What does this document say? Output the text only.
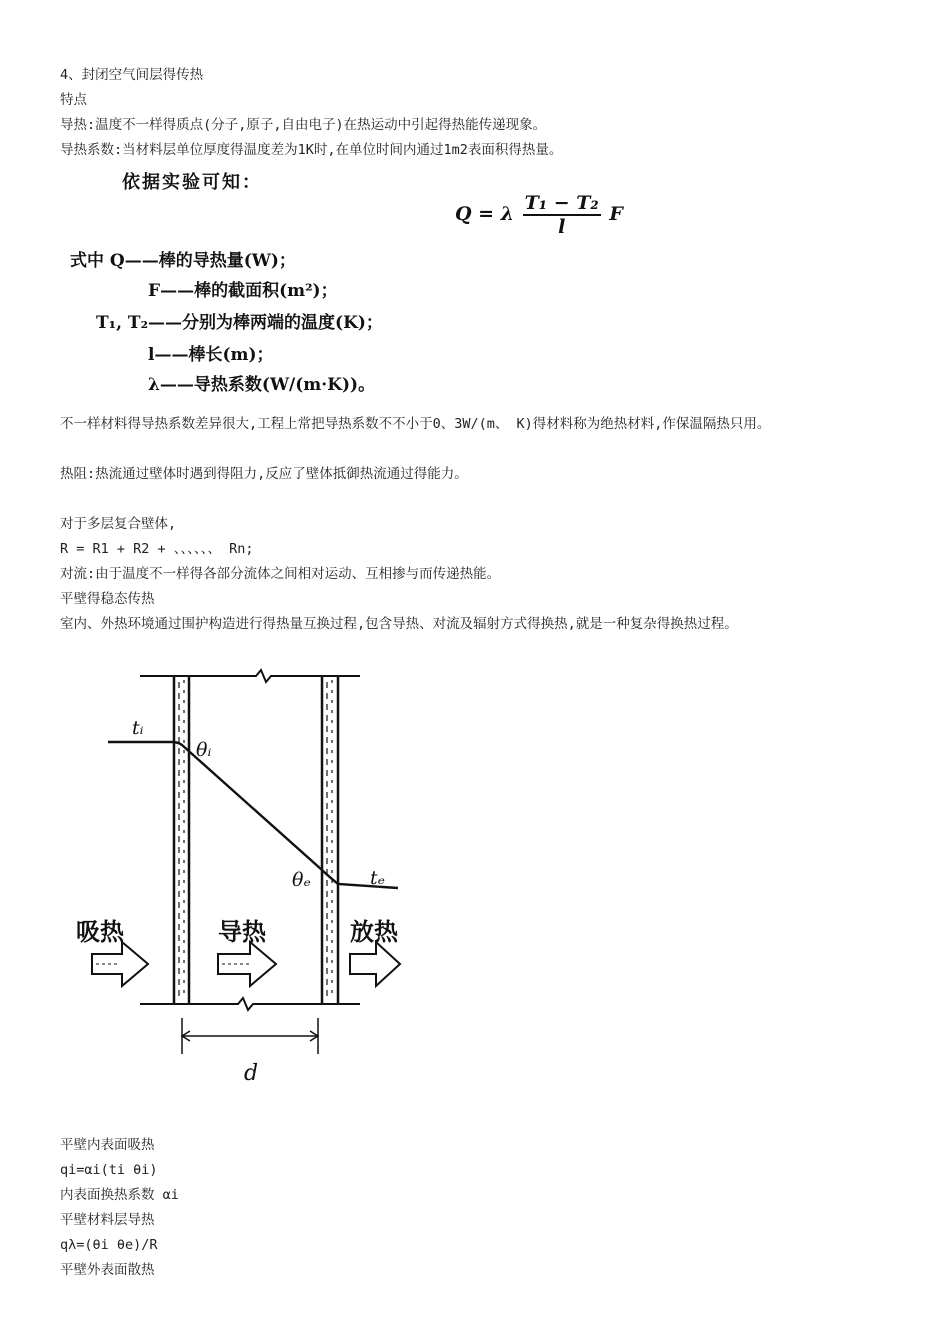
4、封闭空气间层得传热
特点
导热:温度不一样得质点(分子,原子,自由电子)在热运动中引起得热能传递现象。
导热系数:当材料层单位厚度得温度差为1K时,在单位时间内通过1m2表面积得热量。
依据实验可知：
Q = λ $\frac{\text{T₁ − T₂}}{l}$ F
式中 Q——棒的导热量(W)；
F——棒的截面积(m²)；
T₁, T₂——分别为棒两端的温度(K)；
l——棒长(m)；
λ——导热系数(W/(m·K))。
不一样材料得导热系数差异很大,工程上常把导热系数不不小于0、3W/(m、 K)得材料称为绝热材料,作保温隔热只用。
热阻:热流通过壁体时遇到得阻力,反应了壁体抵御热流通过得能力。
对于多层复合壁体,
R = R1 + R2 + 、、、、、、 Rn;
对流:由于温度不一样得各部分流体之间相对运动、互相掺与而传递热能。
平壁得稳态传热
室内、外热环境通过围护构造进行得热量互换过程,包含导热、对流及辐射方式得换热,就是一种复杂得换热过程。
tᵢ
θᵢ
θₑ	tₑ
d
吸热	导热	放热
平壁内表面吸热
qi=αi(ti θi)
内表面换热系数 αi
平壁材料层导热
qλ=(θi θe)/R
平壁外表面散热
